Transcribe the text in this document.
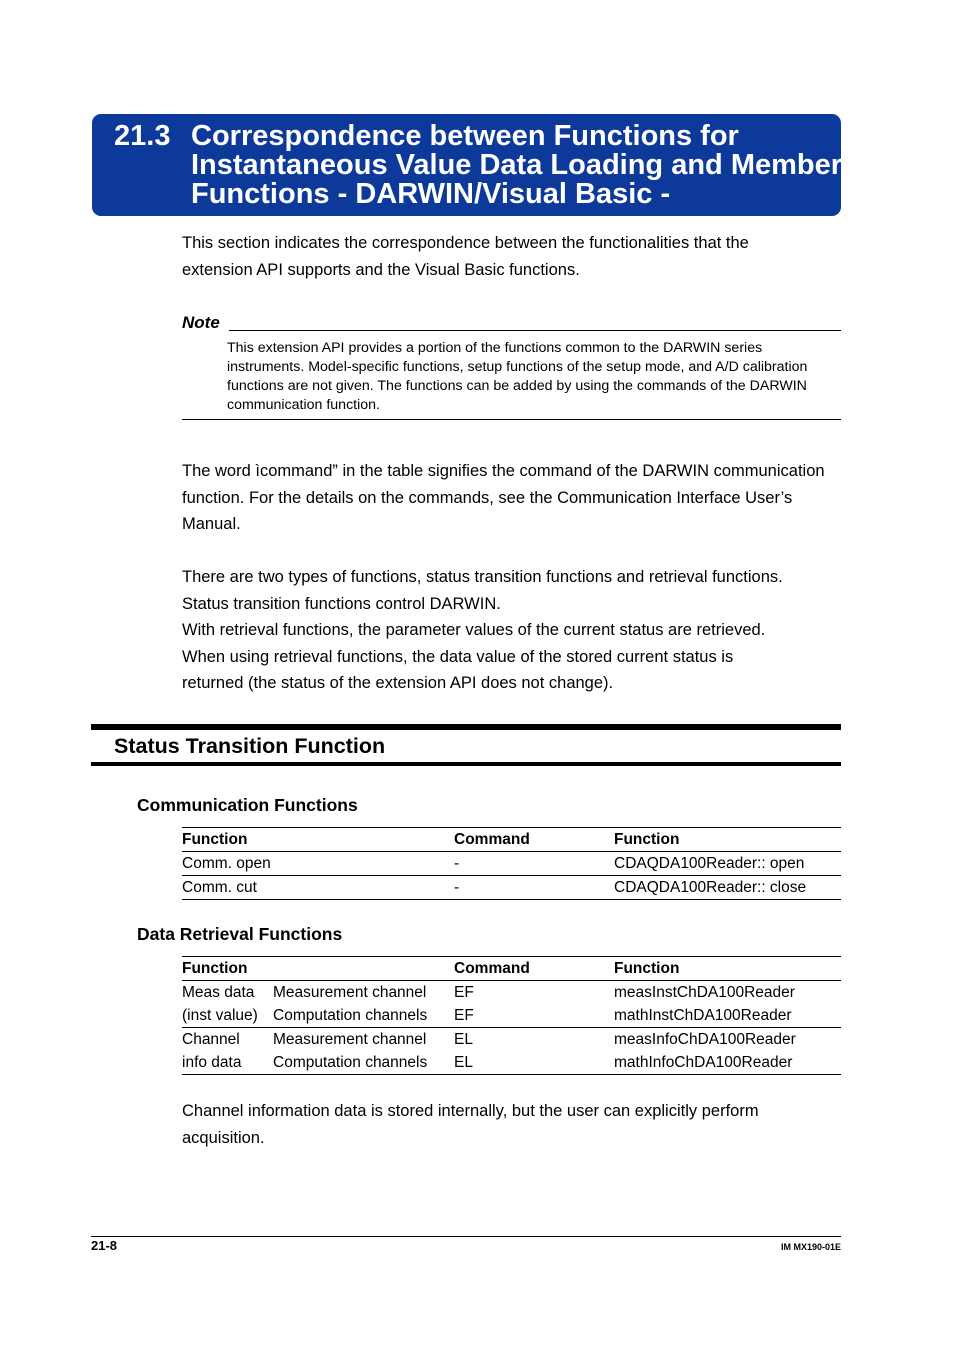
21.3 Correspondence between Functions for
Instantaneous Value Data Loading and Member
Functions - DARWIN/Visual Basic -

This section indicates the correspondence between the functionalities that the extension API supports and the Visual Basic functions.

Note

This extension API provides a portion of the functions common to the DARWIN series instruments. Model-specific functions, setup functions of the setup mode, and A/D calibration functions are not given. The functions can be added by using the commands of the DARWIN communication function.

The word ìcommand” in the table signifies the command of the DARWIN communication function. For the details on the commands, see the Communication Interface User’s Manual.

There are two types of functions, status transition functions and retrieval functions.
Status transition functions control DARWIN.
With retrieval functions, the parameter values of the current status are retrieved.
When using retrieval functions, the data value of the stored current status is returned (the status of the extension API does not change).
Status Transition Function
Communication Functions
Function	Command	Function
Comm. open	-	CDAQDA100Reader:: open
Comm. cut	-	CDAQDA100Reader:: close
Data Retrieval Functions
Function		Command	Function
Meas data	Measurement channel	EF	measInstChDA100Reader
(inst value)	Computation channels	EF	mathInstChDA100Reader
Channel	Measurement channel	EL	measInfoChDA100Reader
info data	Computation channels	EL	mathInfoChDA100Reader

Channel information data is stored internally, but the user can explicitly perform acquisition.

21-8	IM MX190-01E
